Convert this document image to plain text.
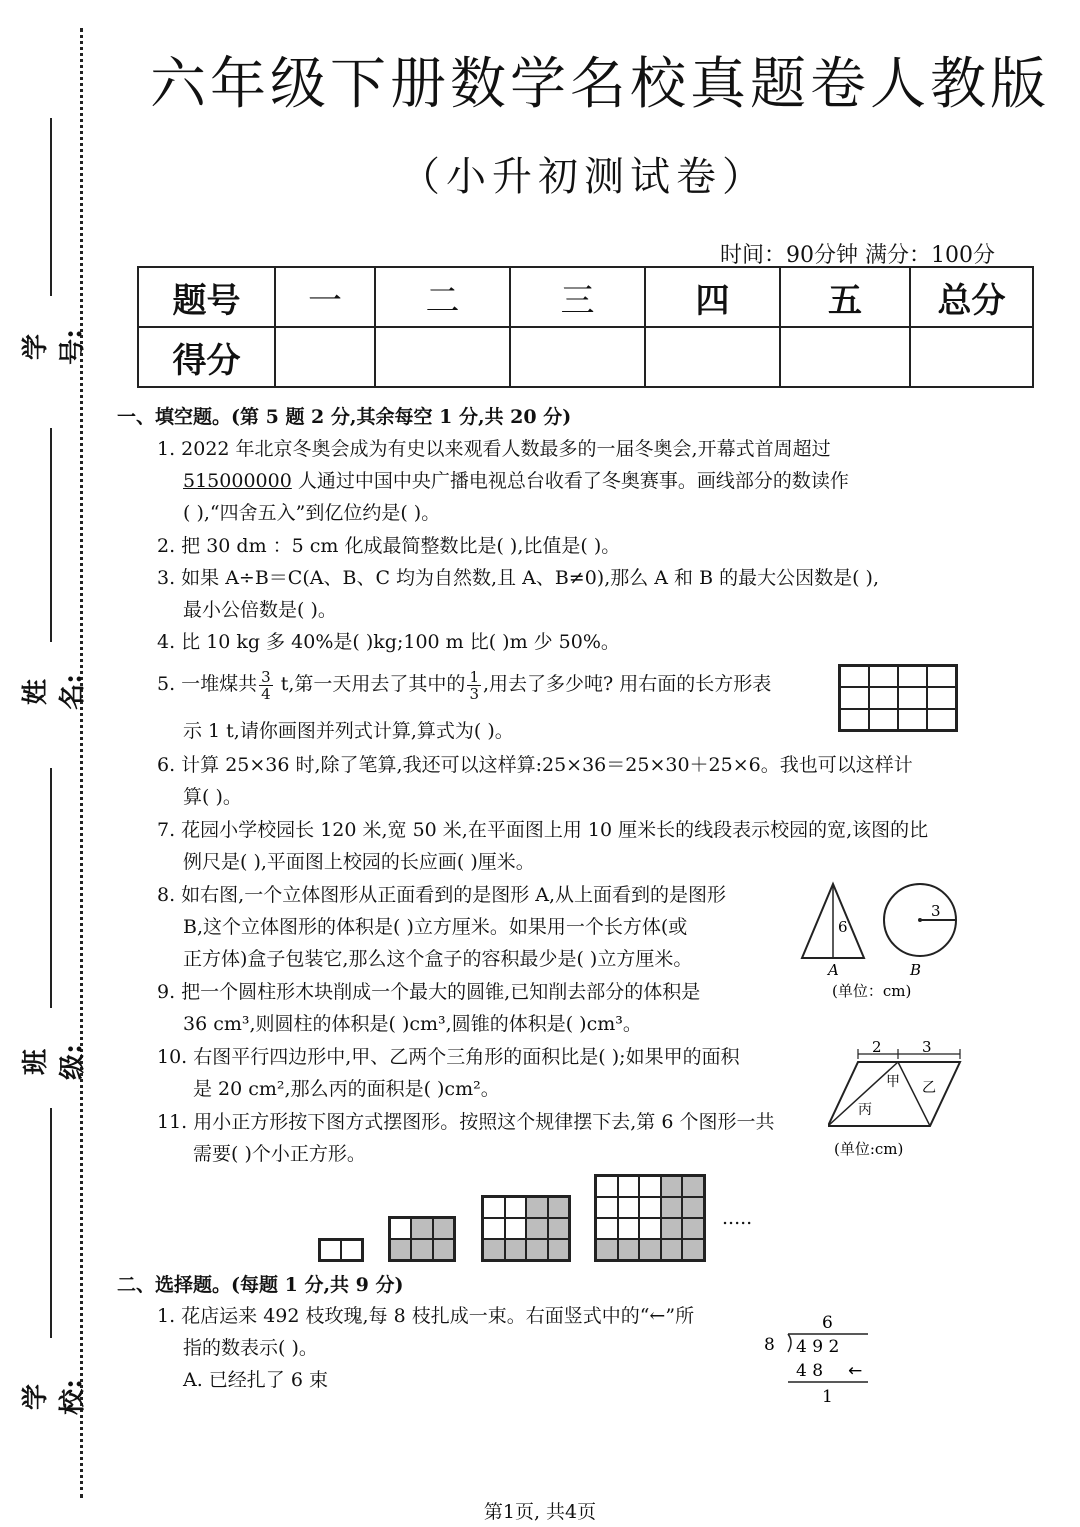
学号:
姓名:
班级:
学校:
六年级下册数学名校真题卷人教版
（小升初测试卷）
时间：90分钟 满分：100分
题号	一	二	三	四	五	总分
得分						
一、填空题。(第 5 题 2 分,其余每空 1 分,共 20 分)
1. 2022 年北京冬奥会成为有史以来观看人数最多的一届冬奥会,开幕式首周超过
515000000 人通过中国中央广播电视总台收看了冬奥赛事。画线部分的数读作
( ),“四舍五入”到亿位约是( )。
2. 把 30 dm ：5 cm 化成最简整数比是( ),比值是( )。
3. 如果 A÷B＝C(A、B、C 均为自然数,且 A、B≠0),那么 A 和 B 的最大公因数是( ),
最小公倍数是( )。
4. 比 10 kg 多 40%是( )kg;100 m 比( )m 少 50%。
5. 一堆煤共 $\frac{3}{4} t$,第一天用去了其中的 $\frac{1}{3}$ ,用去了多少吨? 用右面的长方形表
示 1 t,请你画图并列式计算,算式为( )。
6. 计算 25×36 时,除了笔算,我还可以这样算:25×36＝25×30＋25×6。我也可以这样计
算( )。
7. 花园小学校园长 120 米,宽 50 米,在平面图上用 10 厘米长的线段表示校园的宽,该图的比
例尺是( ),平面图上校园的长应画( )厘米。
8. 如右图,一个立体图形从正面看到的是图形 A,从上面看到的是图形
B,这个立体图形的体积是( )立方厘米。如果用一个长方体(或
正方体)盒子包装它,那么这个盒子的容积最少是( )立方厘米。
6
A
3
B
(单位：cm)
9. 把一个圆柱形木块削成一个最大的圆锥,已知削去部分的体积是
36 cm³,则圆柱的体积是( )cm³,圆锥的体积是( )cm³。
10. 右图平行四边形中,甲、乙两个三角形的面积比是( );如果甲的面积
是 20 cm²,那么丙的面积是( )cm²。
2	3
甲 乙
丙
(单位:cm)
11. 用小正方形按下图方式摆图形。按照这个规律摆下去,第 6 个图形一共
需要( )个小正方形。
.....
二、选择题。(每题 1 分,共 9 分)
1. 花店运来 492 枝玫瑰,每 8 枝扎成一束。右面竖式中的“←”所
指的数表示( )。
A. 已经扎了 6 束
6
8 4 9 2
4 8 ←
1
第1页, 共4页
